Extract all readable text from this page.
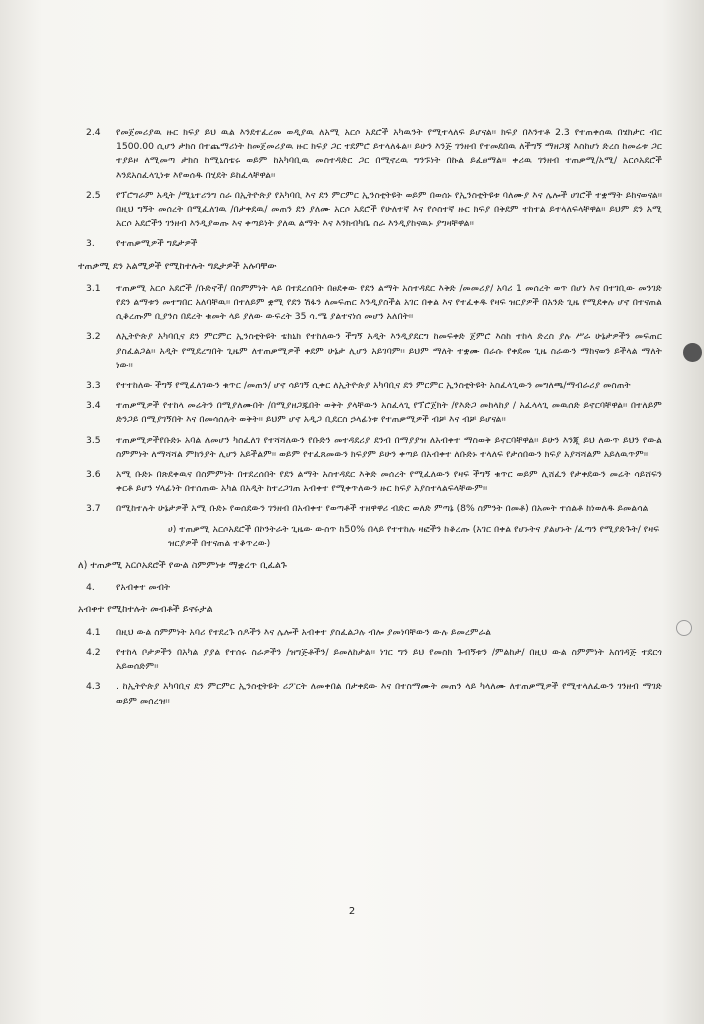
2.4 የመጀመሪያዉ ዙር ክፍያ ይህ ዉል እንደተፈረመ ወዲያዉ ለአሚ አርሶ አደሮች አካዉንት የሚተላለፍ ይሆናል፡፡ ክፍያ በእንተቶ 2.3 የተጠቀሰዉ በሄክታር ብር 1500.00 ሲሆን ታክስ በተጨማሪነት ከመጀመሪያዉ ዙር ክፍያ ጋር ተደምሮ ይተላለፋል፡፡ ይሁን እንጅ ገንዘብ የተመደበዉ ለችግኝ ማዘጋጃ እስከሆነ ድረስ ከመሬቱ ጋር ተያይዞ ለሚመጣ ታክስ ከሚኒስቴሩ ወይም ከአካባቢዉ መስተዳድር ጋር በሚኖረዉ ግንኙነት በኩል ይፈፀማል፡፡ ቀሪዉ ገንዘብ ተጠቃሚ/አሚ/ አርሶአደሮች እንደአስፈላጊነቱ እየወሰዱ በሂደት ይከፈላቸዋል፡፡
2.5 የፕሮግራም አዲት /ሚኒተሪንግ ስራ በኢትዮጵያ የአካባቢ እና ደን ምርምር ኢንስቲትዩት ወይም በወሰኑ የኢንስቲትዩቱ ባለሙያ እና ሌሎች ሀገሮች ተቋማት ይከናወናል፡፡ በዚህ ግኝት መሰረት በሚፈለገዉ /በታቀደዉ/ መጠን ደን ያለሙ አርሶ አደሮች የሁለተኛ እና የሶስተኛ ዙር ክፍያ በቅደም ተከተል ይተላለፍላቸዋል፡፡ ይህም ደን አሚ አርሶ አደሮችን ገንዘብ እንዲያወጡ እና ቀጣይነት ያለዉ ልማት እና እንክብካቤ ስራ እንዲያከናዉኑ ያግዛቸዋል፡፡
3. የተጠቃሚዎች ግዴታዎች
ተጠቃሚ ደን አልሚዎች የሚከተሉት ግዴታዎች አሉባቸው
3.1 ተጠቃሚ አርሶ አደሮች /ቡድኖች/ በስምምነት ላይ በተደረሰበት በፀደቀው የደን ልማት አስተዳደር እቅድ /መመሪያ/ አባሪ 1 መሰረት ወጥ በሆነ እና በተገቢው መንገድ የደን ልማቱን መተግበር አለባቸዉ፡፡ በተለይም ቋሚ የደን ሽፋን ለመፍጠር እንዲያስችል አገር በቀል እና የተፈቀዱ የዛፍ ዝርያዎች በአንድ ጊዜ የሚደቀሉ ሆኖ በተናጠል ሲቆረጡም ቢያንስ በደረት ቁመት ላይ ያለው ውፍረት 35 ሳ.ሜ ያልተናነሰ መሆን አለበት፡፡
3.2 ለኢትዮጵያ አካባቢና ደን ምርምር ኢንስቲትዩት ቴክኒክ የተከለውን ችግኝ አዲት እንዲያደርግ ከመፍቀድ ጀምሮ እስከ ተከላ ድረስ ያሉ ሥራ ሁኔታዎችን መፍጠር ያስፈልጋል፡፡ አዲት የሚደረግበት ጊዜም ለተጠቃሚዎች ቀደም ሁኔታ ሊሆን አይገባም፡፡ ይህም ማለት ተቋሙ በራሱ የቀደመ ጊዜ ስራውን ማከናወን ይችላል ማለት ነው፡፡
3.3 የተተከለው ችግኝ የሚፈለገውን ቁጥር /መጠን/ ሆኖ ሳይገኝ ሲቀር ለኢትዮጵያ አካባቢና ደን ምርምር ኢንስቲትዩት አስፈላጊውን መግለጫ/ማብራሪያ መስጠት
3.4 ተጠቃሚዎች የተከላ መሬትን በሚያለሙበት /በሚያዘጋጁበት ወቅት ያላቸውን አስፈላጊ የፕሮጀክት /የእድጋ መከላከያ / አፈላላጊ መዉሰድ ይኖርባቸዋል፡፡ በተለይም ድንጋይ በሚያገኝበት እና በመሳሰሉት ወቅት፡፡ ይህም ሆኖ አዲጋ ቢደርስ ኃላፊነቱ የተጠቃሚዎች ብቻ እና ብቻ ይሆናል፡፡
3.5 ተጠቃሚዎችየቡድኑ አባል ለመሆን ካስፈለገ የተሻሻለውን የቡድን መተዳደሪያ ደንብ በማያያዝ ለአብቀተ ማስወቅ ይኖርባቸዋል፡፡ ይሁን እንጂ ይህ ለውጥ ይህን የውል ስምምነት ለማሻሻል ምክንያት ሊሆን አይችልም፡፡ ወይም የተፈጸመውን ክፍያም ይሁን ቀጣይ በአብቀተ ለቡድኑ ተላለፍ የታሰበውን ክፍያ አያሻሻልም አይለዉጥም፡፡
3.6 አሚ ቡድኑ በጽደቀዉና በስምምነት በተደረሰበት የደን ልማት አስተዳደር እቅድ መሰረት የሚፈለውን የዛፍ ችግኝ ቁጥር ወይም ሊሸፈን የታቀደውን መሬት ሳይሸፍን ቀርቶ ይሆን ሃላፊነት በተሰጠው አካል በአዲት ከተረጋገጠ አብቀተ የሚቀጥለውን ዙር ክፍያ አያስተላልፍላቸውም፡፡
3.7 በሚከተሉት ሁኔታዎች አሚ ቡድኑ የወሰደውን ገንዘብ በአብቀተ የወጣቶች ተዘዋዋሪ ብድር ወለድ ምጣኔ (8% ስምንት በመቶ) በአመት ተሰልቶ ከነወለዱ ይመልሳል
ሀ) ተጠቃሚ አርሶአደሮች በኮንትራት ጊዜው ውስጥ ከ50% በላይ የተተከሉ ዛፎችን ከቆረጡ (አገር በቀል የሆኑትና ያልሆኑት /ፈጣን የሚያድጉት/ የዛፍ ዝርያዎች በተናጠል ተቆጥረው)
ለ) ተጠቃሚ አርሶአደሮች የውል ስምምነቱ ማቋረጥ ቢፈልጉ
4. የአብቀተ መብት
አብቀተ የሚከተሉት መብቶች ይኖሩታል
4.1 በዚህ ውል ስምምነት አባሪ የተደረጉ ሰዶችን እና ሌሎች አብቀተ ያስፈልጋሉ ብሎ ያመነባቸውን ውሉ ይመረምራል
4.2 የተከላ ቦታዎችን በአካል ያያል የተሰሩ ስራዎችን /ዝግጅቶችን/ ይመለከታል፡፡ ነገር ግን ይህ የመስክ ጉብኝቱን /ምልከታ/ በዚህ ውል ስምምነት አስገዳጅ ተደርጎ አይወሰድም፡፡
4.3 . ከኢትዮጵያ አካባቢና ደን ምርምር ኢንስቲትዩት ሪፖርት ለመቀበል በታቀደው እና በተስማሙት መጠን ላይ ካላለሙ ለተጠቃሚዎች የሚተላለፈውን ገንዘብ ማገድ ወይም መሰረዝ፡፡
2
